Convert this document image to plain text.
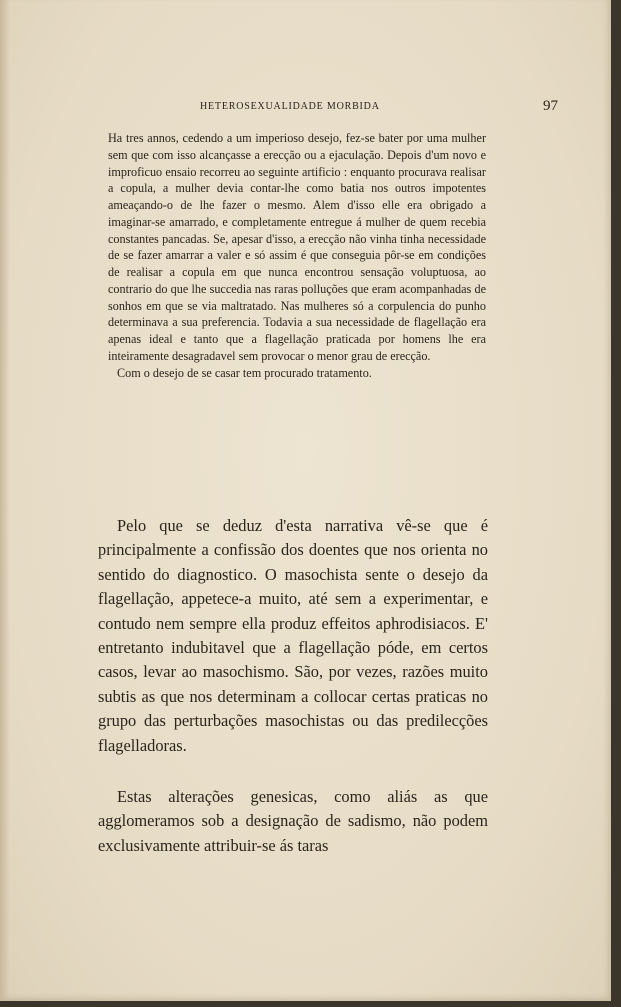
HETEROSEXUALIDADE MORBIDA	97

Ha tres annos, cedendo a um imperioso desejo, fez-se bater por uma mulher sem que com isso alcançasse a erecção ou a ejaculação. Depois d'um novo e improficuo ensaio recorreu ao seguinte artificio : enquanto procurava realisar a copula, a mulher devia contar-lhe como batia nos outros impotentes ameaçando-o de lhe fazer o mesmo. Alem d'isso elle era obrigado a imaginar-se amarrado, e completamente entregue á mulher de quem recebia constantes pancadas. Se, apesar d'isso, a erecção não vinha tinha necessidade de se fazer amarrar a valer e só assim é que conseguia pôr-se em condições de realisar a copula em que nunca encontrou sensação voluptuosa, ao contrario do que lhe succedia nas raras polluções que eram acompanhadas de sonhos em que se via maltratado. Nas mulheres só a corpulencia do punho determinava a sua preferencia. Todavia a sua necessidade de flagellação era apenas ideal e tanto que a flagellação praticada por homens lhe era inteiramente desagradavel sem provocar o menor grau de erecção.

Com o desejo de se casar tem procurado tratamento.

Pelo que se deduz d'esta narrativa vê-se que é principalmente a confissão dos doentes que nos orienta no sentido do diagnostico. O masochista sente o desejo da flagellação, appetece-a muito, até sem a experimentar, e contudo nem sempre ella produz effeitos aphrodisiacos. E' entretanto indubitavel que a flagellação póde, em certos casos, levar ao masochismo. São, por vezes, razões muito subtis as que nos determinam a collocar certas praticas no grupo das perturbações masochistas ou das predilecções flagelladoras.

Estas alterações genesicas, como aliás as que agglomeramos sob a designação de sadismo, não podem exclusivamente attribuir-se ás taras
